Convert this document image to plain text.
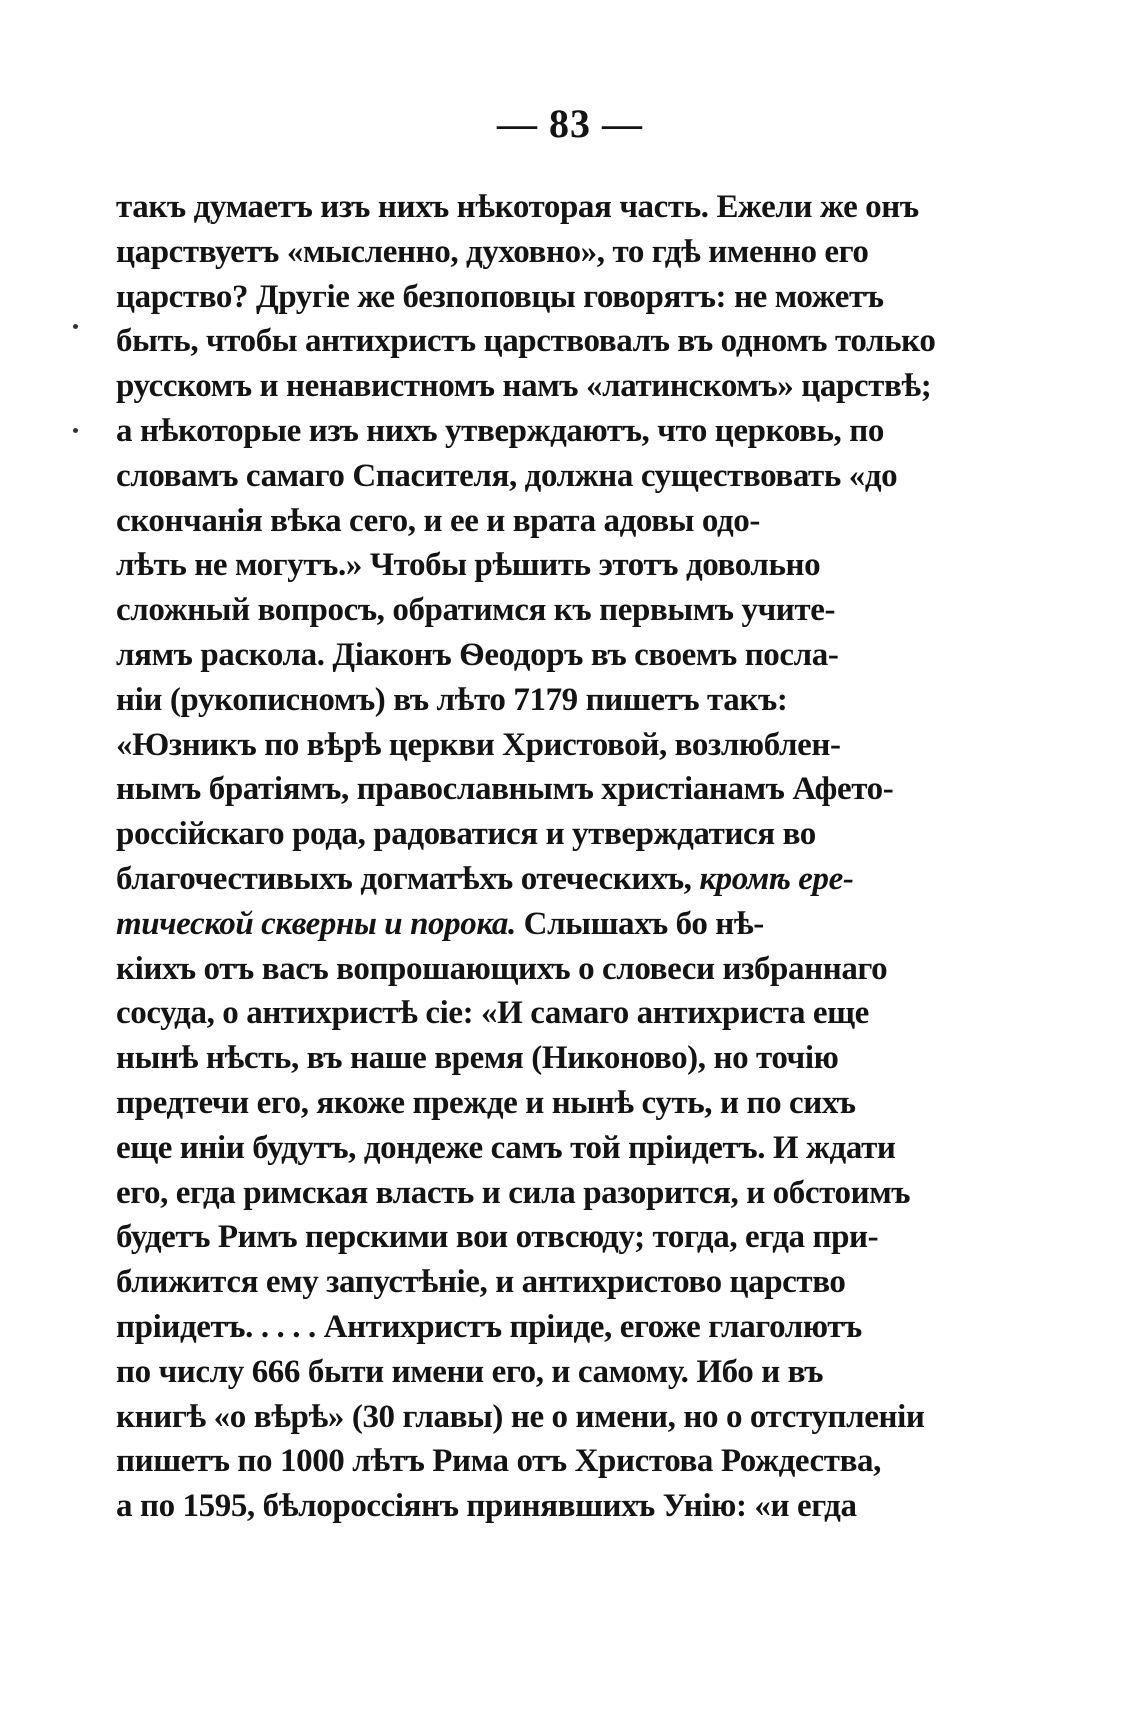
— 83 —
такъ думаетъ изъ нихъ нѣкоторая часть. Ежели же онъ
царствуетъ «мысленно, духовно», то гдѣ именно его
царство? Другіе же безпоповцы говорятъ: не можетъ
быть, чтобы антихристъ царствовалъ въ одномъ только
русскомъ и ненавистномъ намъ «латинскомъ» царствѣ;
а нѣкоторые изъ нихъ утверждаютъ, что церковь, по
словамъ самаго Спасителя, должна существовать «до
скончанія вѣка сего, и ее и врата адовы одо-
лѣть не могутъ.» Чтобы рѣшить этотъ довольно
сложный вопросъ, обратимся къ первымъ учите-
лямъ раскола. Діаконъ Ѳеодоръ въ своемъ посла-
ніи (рукописномъ) въ лѣто 7179 пишетъ такъ:
«Юзникъ по вѣрѣ церкви Христовой, возлюблен-
нымъ братіямъ, православнымъ христіанамъ Афето-
россійскаго рода, радоватися и утверждатися во
благочестивыхъ догматѣхъ отеческихъ, кромѣ ере-
тической скверны и порока. Слышахъ бо нѣ-
кіихъ отъ васъ вопрошающихъ о словеси избраннаго
сосуда, о антихристѣ сіе: «И самаго антихриста еще
нынѣ нѣсть, въ наше время (Никоново), но точію
предтечи его, якоже прежде и нынѣ суть, и по сихъ
еще иніи будутъ, дондеже самъ той пріидетъ. И ждати
его, егда римская власть и сила разорится, и обстоимъ
будетъ Римъ перскими вои отвсюду; тогда, егда при-
ближится ему запустѣніе, и антихристово царство
пріидетъ. . . . . Антихристъ пріиде, егоже глаголютъ
по числу 666 быти имени его, и самому. Ибо и въ
книгѣ «о вѣрѣ» (30 главы) не о имени, но о отступленіи
пишетъ по 1000 лѣтъ Рима отъ Христова Рождества,
а по 1595, бѣлороссіянъ принявшихъ Унію: «и егда
